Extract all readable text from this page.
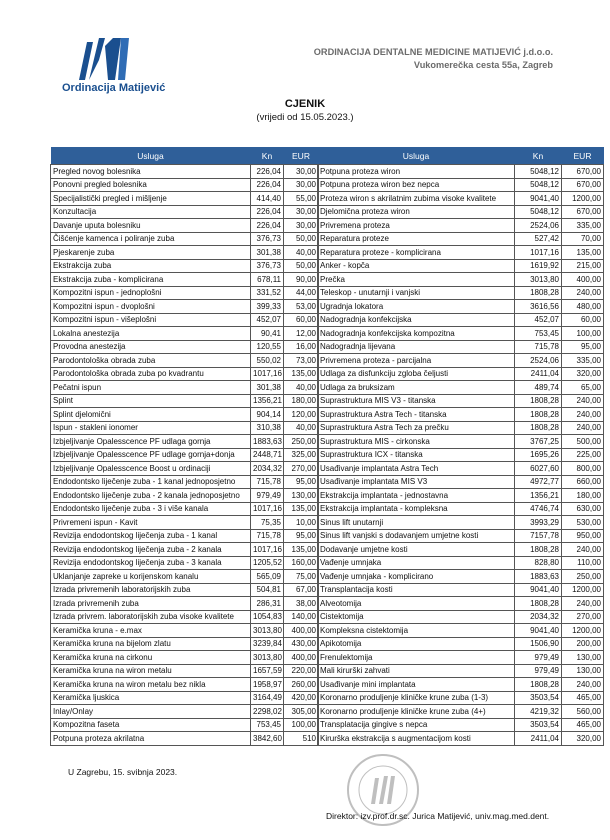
Ordinacija Matijević
ORDINACIJA DENTALNE MEDICINE MATIJEVIĆ j.d.o.o.
Vukomerečka cesta 55a, Zagreb
CJENIK
(vrijedi od 15.05.2023.)
Usluga	Kn	EUR
Pregled novog bolesnika	226,04	30,00
Ponovni pregled bolesnika	226,04	30,00
Specijalistički pregled i mišljenje	414,40	55,00
Konzultacija	226,04	30,00
Davanje uputa bolesniku	226,04	30,00
Čišćenje kamenca i poliranje zuba	376,73	50,00
Pjeskarenje zuba	301,38	40,00
Ekstrakcija zuba	376,73	50,00
Ekstrakcija zuba - komplicirana	678,11	90,00
Kompozitni ispun - jednoplošni	331,52	44,00
Kompozitni ispun - dvoplošni	399,33	53,00
Kompozitni ispun - višeplošni	452,07	60,00
Lokalna anestezija	90,41	12,00
Provodna anestezija	120,55	16,00
Parodontološka obrada zuba	550,02	73,00
Parodontološka obrada zuba po kvadrantu	1017,16	135,00
Pečatni ispun	301,38	40,00
Splint	1356,21	180,00
Splint djelomični	904,14	120,00
Ispun - stakleni ionomer	310,38	40,00
Izbjeljivanje Opalesscence PF udlaga gornja	1883,63	250,00
Izbjeljivanje Opalesscence PF udlage gornja+donja	2448,71	325,00
Izbjeljivanje Opalesscence Boost u ordinaciji	2034,32	270,00
Endodontsko liječenje zuba - 1 kanal jednoposjetno	715,78	95,00
Endodontsko liječenje zuba - 2 kanala jednoposjetno	979,49	130,00
Endodontsko liječenje zuba - 3 i više kanala	1017,16	135,00
Privremeni ispun - Kavit	75,35	10,00
Revizija endodontskog liječenja zuba - 1 kanal	715,78	95,00
Revizija endodontskog liječenja zuba - 2 kanala	1017,16	135,00
Revizija endodontskog liječenja zuba - 3 kanala	1205,52	160,00
Uklanjanje zapreke u korijenskom kanalu	565,09	75,00
Izrada privremenih laboratorijskih zuba	504,81	67,00
Izrada privremenih zuba	286,31	38,00
Izrada privrem. laboratorijskih zuba visoke kvalitete	1054,83	140,00
Keramička kruna - e.max	3013,80	400,00
Keramička kruna na bijelom zlatu	3239,84	430,00
Keramička kruna na cirkonu	3013,80	400,00
Keramička kruna na wiron metalu	1657,59	220,00
Keramička kruna na wiron metalu bez nikla	1958,97	260,00
Keramička ljuskica	3164,49	420,00
Inlay/Onlay	2298,02	305,00
Kompozitna faseta	753,45	100,00
Potpuna proteza akrilatna	3842,60	510
Usluga	Kn	EUR
Potpuna proteza wiron	5048,12	670,00
Potpuna proteza wiron bez nepca	5048,12	670,00
Proteza wiron s akrilatnim zubima visoke kvalitete	9041,40	1200,00
Djelomična proteza wiron	5048,12	670,00
Privremena proteza	2524,06	335,00
Reparatura proteze	527,42	70,00
Reparatura proteze - komplicirana	1017,16	135,00
Anker - kopča	1619,92	215,00
Prečka	3013,80	400,00
Teleskop - unutarnji i vanjski	1808,28	240,00
Ugradnja lokatora	3616,56	480,00
Nadogradnja konfekcijska	452,07	60,00
Nadogradnja konfekcijska kompozitna	753,45	100,00
Nadogradnja lijevana	715,78	95,00
Privremena proteza - parcijalna	2524,06	335,00
Udlaga za disfunkciju zgloba čeljusti	2411,04	320,00
Udlaga za bruksizam	489,74	65,00
Suprastruktura MIS V3 - titanska	1808,28	240,00
Suprastruktura Astra Tech - titanska	1808,28	240,00
Suprastruktura Astra Tech za prečku	1808,28	240,00
Suprastruktura MIS - cirkonska	3767,25	500,00
Suprastruktura ICX - titanska	1695,26	225,00
Usađivanje implantata Astra Tech	6027,60	800,00
Usađivanje implantata MIS V3	4972,77	660,00
Ekstrakcija implantata - jednostavna	1356,21	180,00
Ekstrakcija implantata - kompleksna	4746,74	630,00
Sinus lift unutarnji	3993,29	530,00
Sinus lift vanjski s dodavanjem umjetne kosti	7157,78	950,00
Dodavanje umjetne kosti	1808,28	240,00
Vađenje umnjaka	828,80	110,00
Vađenje umnjaka - komplicirano	1883,63	250,00
Transplantacija kosti	9041,40	1200,00
Alveotomija	1808,28	240,00
Cistektomija	2034,32	270,00
Kompleksna cistektomija	9041,40	1200,00
Apikotomija	1506,90	200,00
Frenulektomija	979,49	130,00
Mali kirurški zahvati	979,49	130,00
Usađivanje mini implantata	1808,28	240,00
Koronarno produljenje kliničke krune zuba (1-3)	3503,54	465,00
Koronarno produljenje kliničke krune zuba (4+)	4219,32	560,00
Transplatacija gingive s nepca	3503,54	465,00
Kirurška ekstrakcija s augmentacijom kosti	2411,04	320,00
U Zagrebu, 15. svibnja 2023.
Direktor: izv.prof.dr.sc. Jurica Matijević, univ.mag.med.dent.
